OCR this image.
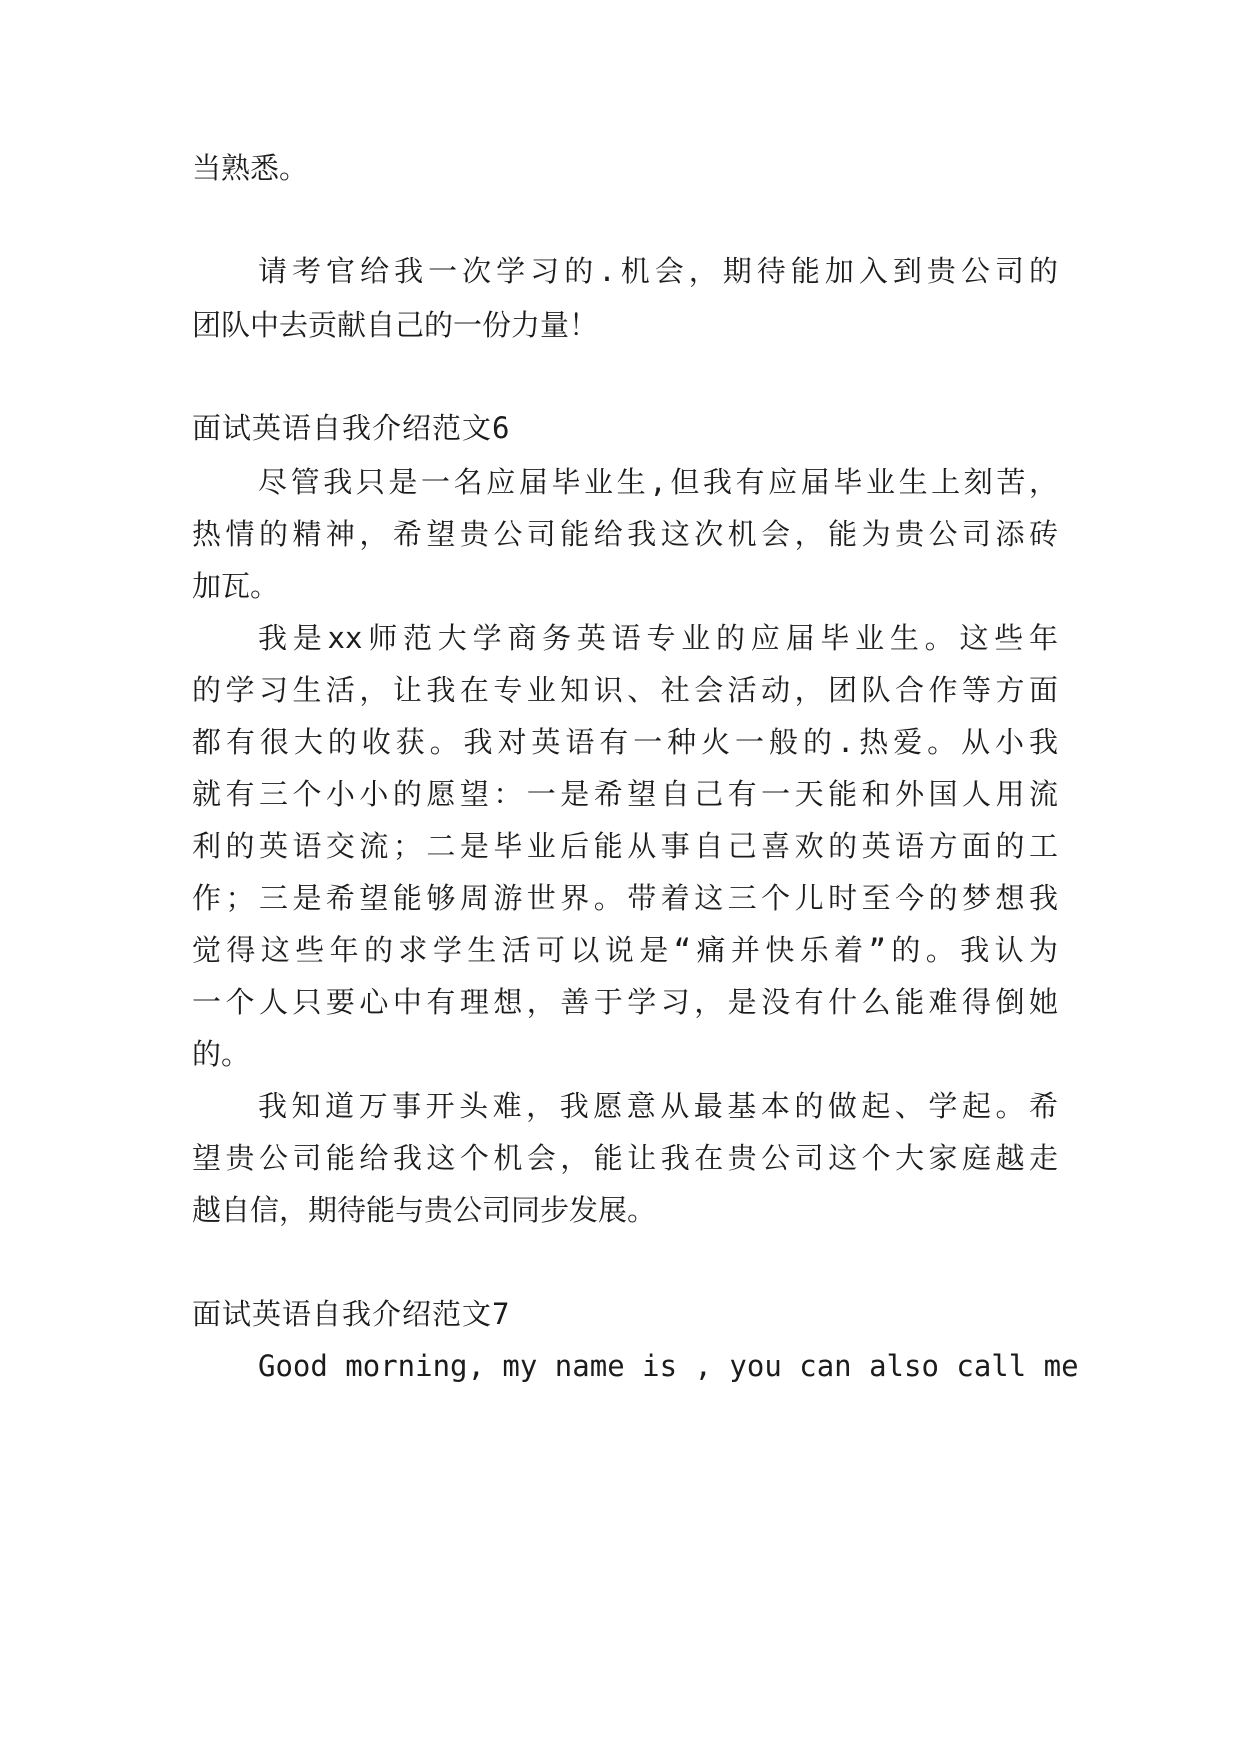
当熟悉。

请考官给我一次学习的.机会，期待能加入到贵公司的

团队中去贡献自己的一份力量！

面试英语自我介绍范文6

尽管我只是一名应届毕业生,但我有应届毕业生上刻苦，

热情的精神，希望贵公司能给我这次机会，能为贵公司添砖

加瓦。

我是xx师范大学商务英语专业的应届毕业生。这些年

的学习生活，让我在专业知识、社会活动，团队合作等方面

都有很大的收获。我对英语有一种火一般的.热爱。从小我

就有三个小小的愿望：一是希望自己有一天能和外国人用流

利的英语交流；二是毕业后能从事自己喜欢的英语方面的工

作；三是希望能够周游世界。带着这三个儿时至今的梦想我

觉得这些年的求学生活可以说是“痛并快乐着”的。我认为

一个人只要心中有理想，善于学习，是没有什么能难得倒她

的。

我知道万事开头难，我愿意从最基本的做起、学起。希

望贵公司能给我这个机会，能让我在贵公司这个大家庭越走

越自信，期待能与贵公司同步发展。

面试英语自我介绍范文7

Good morning, my name is , you can also call me
